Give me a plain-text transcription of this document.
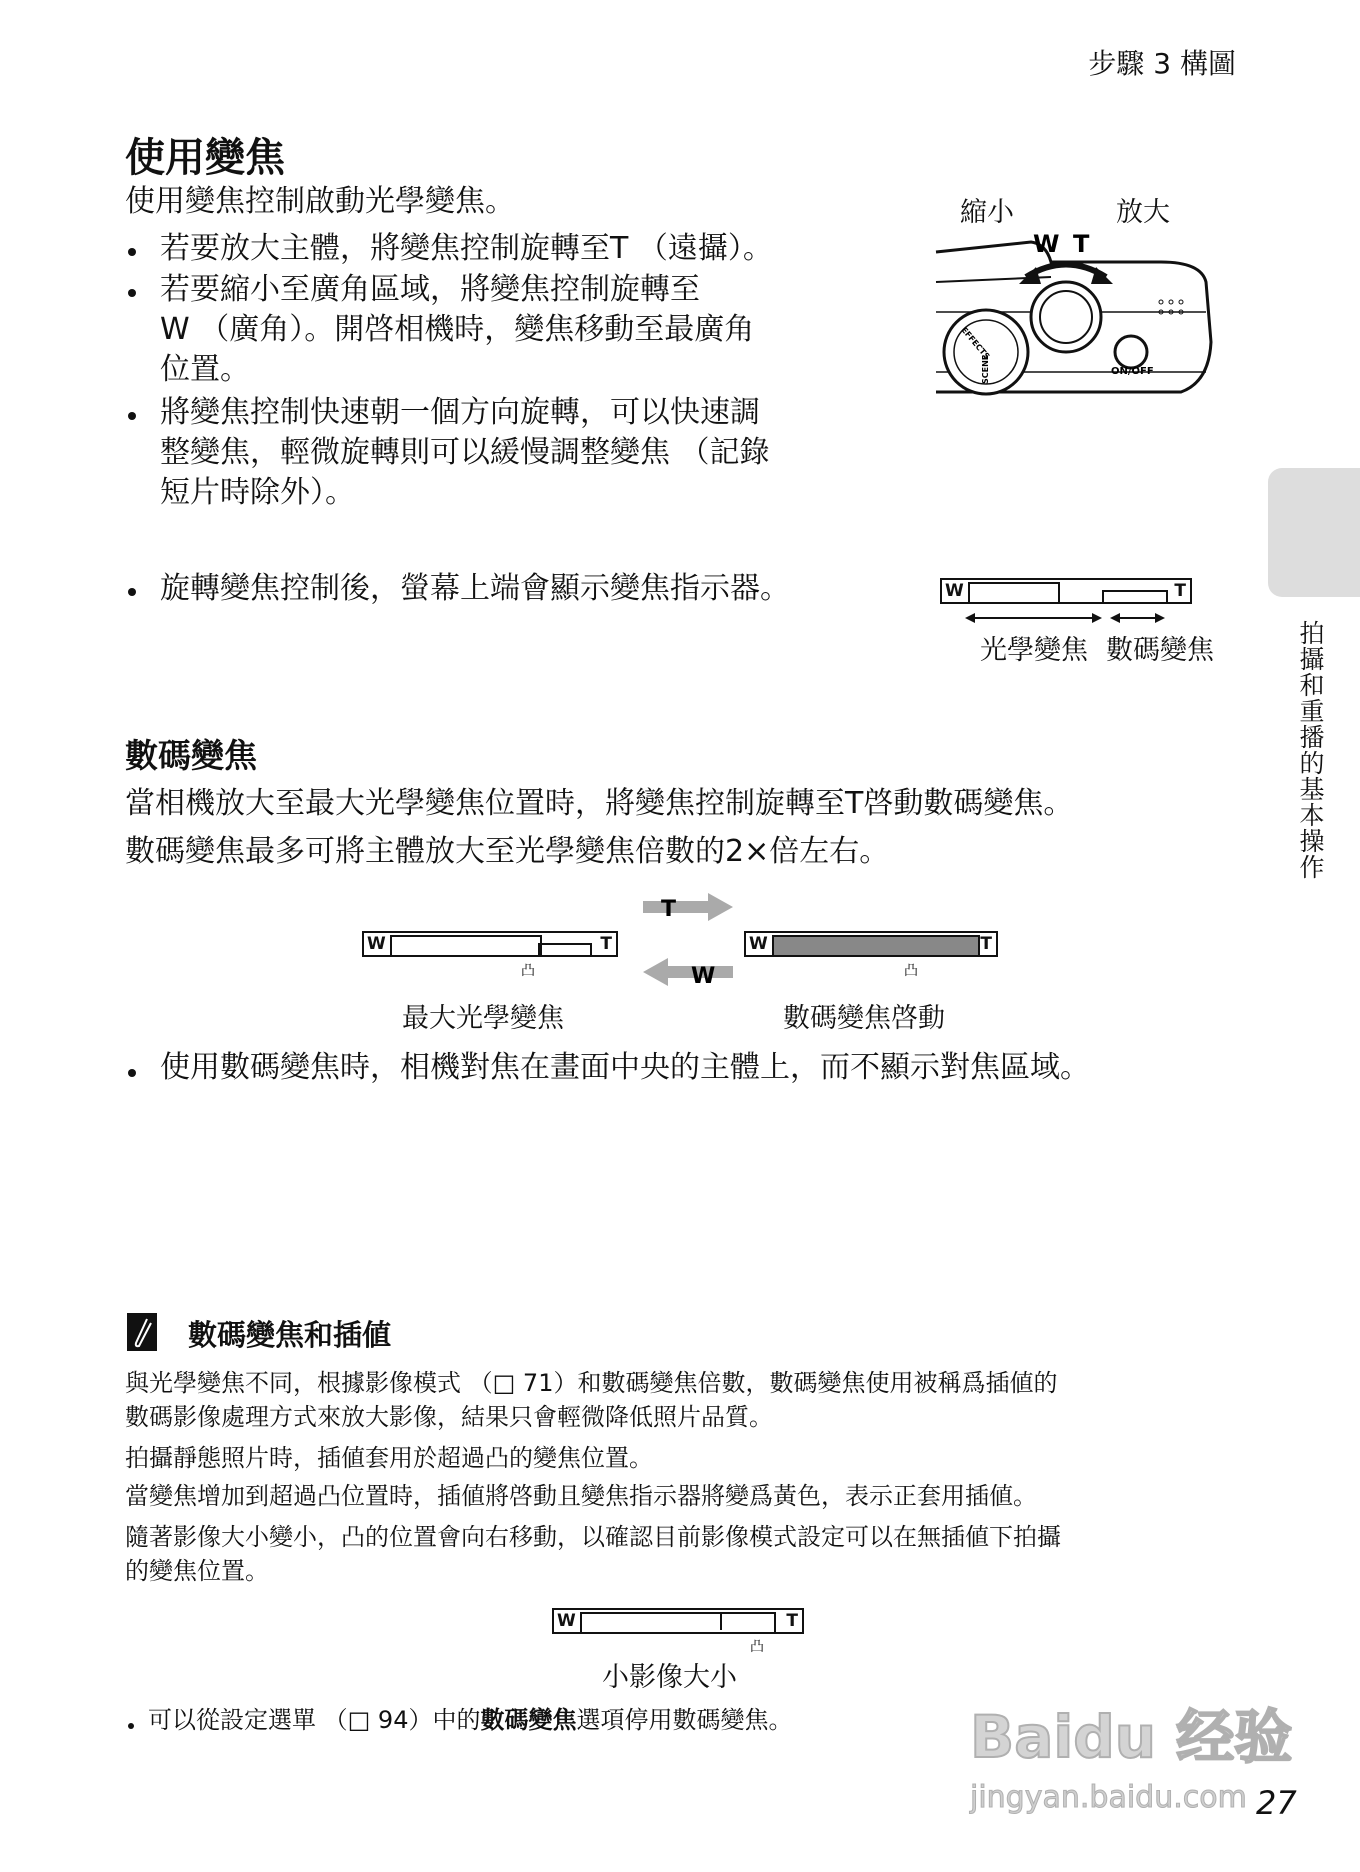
步驟 3 構圖
拍攝和重播的基本操作
使用變焦
使用變焦控制啟動光學變焦。
若要放大主體，將變焦控制旋轉至T （遠攝）。
若要縮小至廣角區域，將變焦控制旋轉至
W （廣角）。開啓相機時，變焦移動至最廣角
位置。
將變焦控制快速朝一個方向旋轉，可以快速調
整變焦，輕微旋轉則可以緩慢調整變焦 （記錄
短片時除外）。
旋轉變焦控制後，螢幕上端會顯示變焦指示器。
縮小	放大
EFFECTS
SCENE	ON/OFF
W T
W	T
光學變焦 數碼變焦
數碼變焦
當相機放大至最大光學變焦位置時，將變焦控制旋轉至T啓動數碼變焦。
數碼變焦最多可將主體放大至光學變焦倍數的2×倍左右。
W	T	W	T
凸	凸
T
W
最大光學變焦	數碼變焦啓動
使用數碼變焦時，相機對焦在畫面中央的主體上，而不顯示對焦區域。
數碼變焦和插値
與光學變焦不同，根據影像模式 （□ 71）和數碼變焦倍數，數碼變焦使用被稱爲插値的
數碼影像處理方式來放大影像，結果只會輕微降低照片品質。
拍攝靜態照片時，插値套用於超過凸的變焦位置。
當變焦增加到超過凸位置時，插値將啓動且變焦指示器將變爲黃色，表示正套用插値。
隨著影像大小變小，凸的位置會向右移動，以確認目前影像模式設定可以在無插値下拍攝
的變焦位置。
W	T
凸
小影像大小
可以從設定選單 （□ 94）中的數碼變焦選項停用數碼變焦。	Baidu 经验
jingyan.baidu.com 27
